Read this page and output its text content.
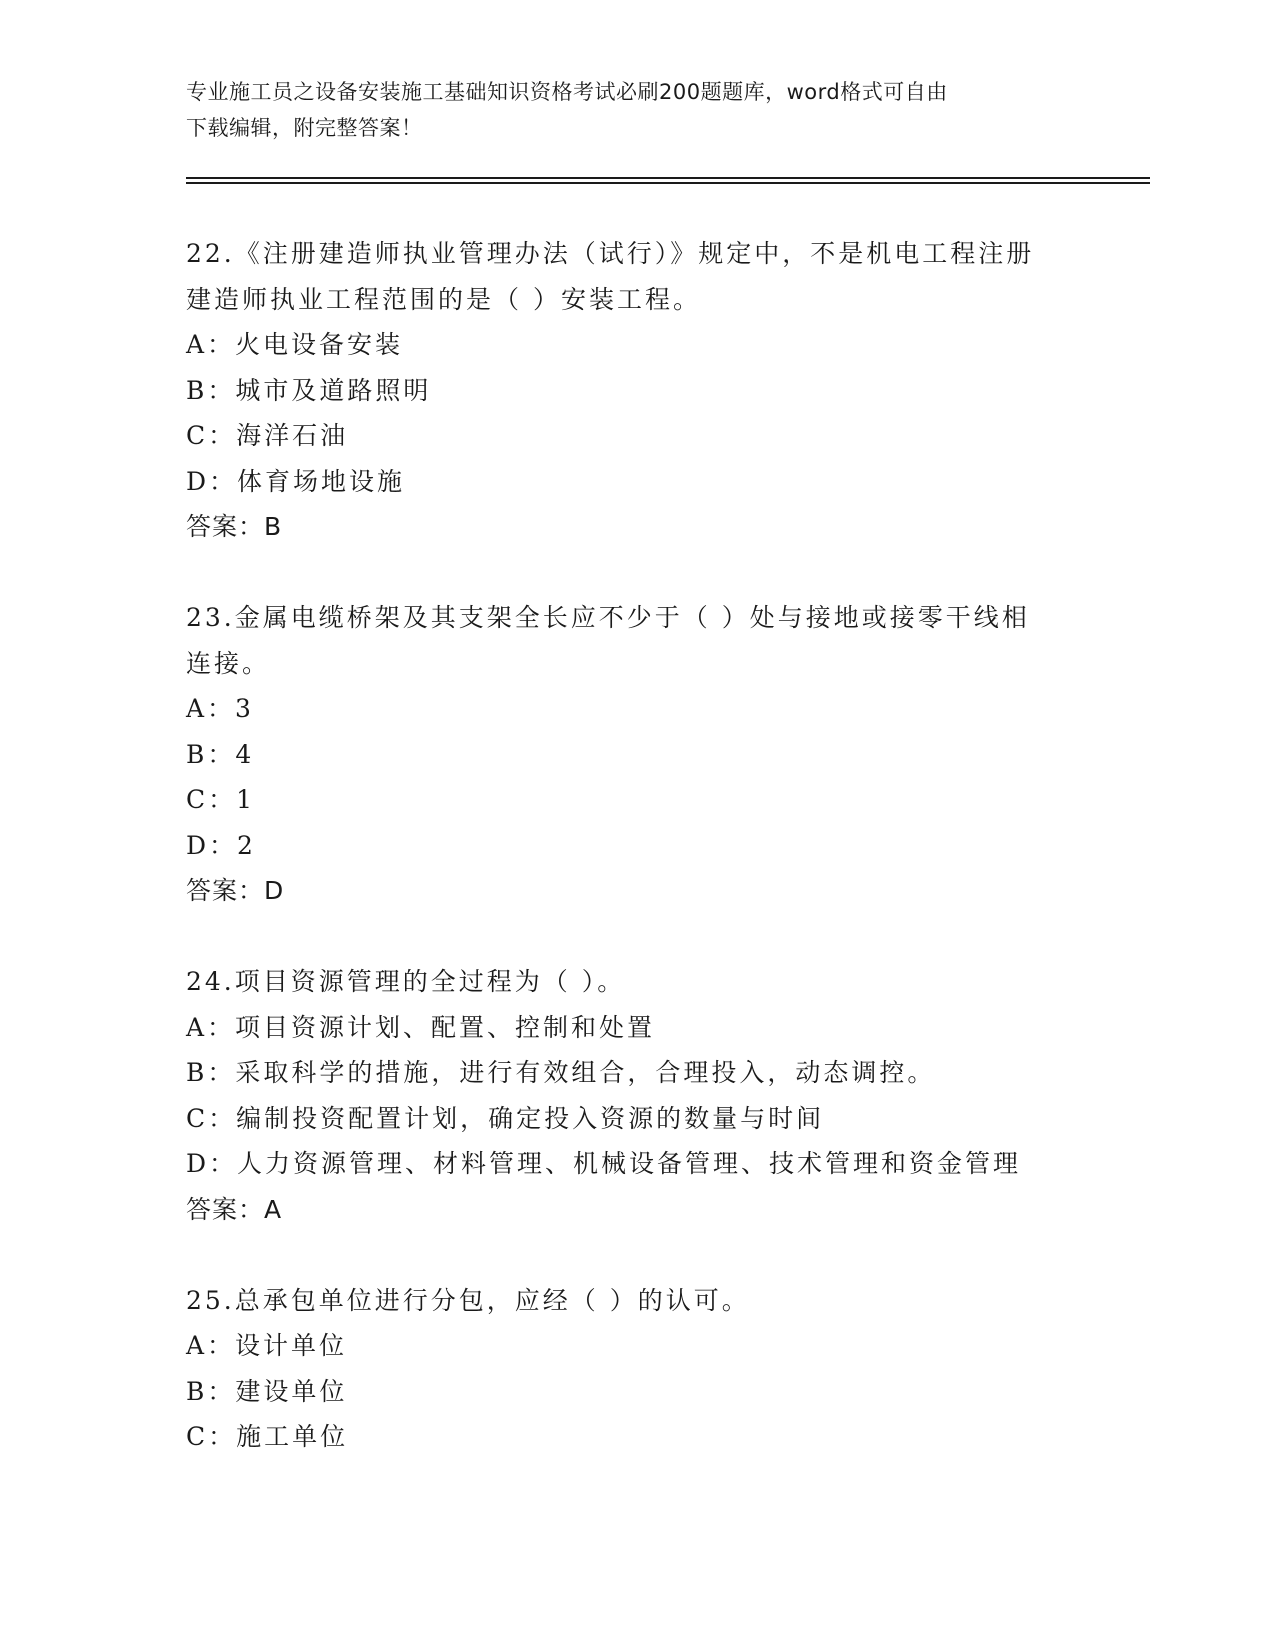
专业施工员之设备安装施工基础知识资格考试必刷200题题库，word格式可自由
下载编辑，附完整答案！
22.《注册建造师执业管理办法（试行）》规定中，不是机电工程注册
建造师执业工程范围的是（ ）安装工程。
A：火电设备安装
B：城市及道路照明
C：海洋石油
D：体育场地设施
答案：B
23.金属电缆桥架及其支架全长应不少于（ ）处与接地或接零干线相
连接。
A：3
B：4
C：1
D：2
答案：D
24.项目资源管理的全过程为（ ）。
A：项目资源计划、配置、控制和处置
B：采取科学的措施，进行有效组合，合理投入，动态调控。
C：编制投资配置计划，确定投入资源的数量与时间
D：人力资源管理、材料管理、机械设备管理、技术管理和资金管理
答案：A
25.总承包单位进行分包，应经（ ）的认可。
A：设计单位
B：建设单位
C：施工单位
